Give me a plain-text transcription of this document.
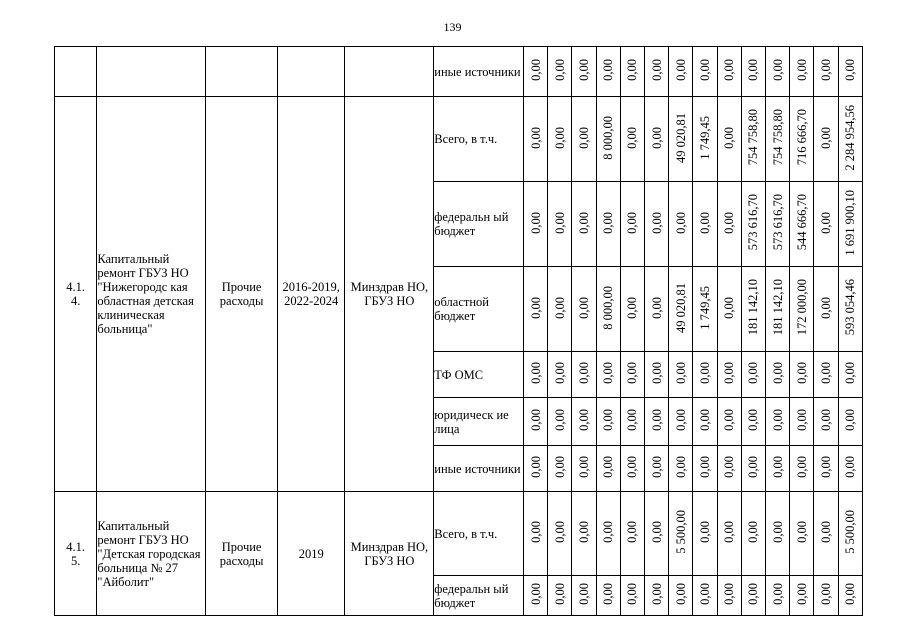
139
					иные источники	0,00	0,00	0,00	0,00	0,00	0,00	0,00	0,00	0,00	0,00	0,00	0,00	0,00	0,00

4.1.
4.	Капитальный ремонт ГБУЗ НО "Нижегородс кая областная детская клиническая больница"	Прочие расходы	2016-2019, 2022-2024	Минздрав НО, ГБУЗ НО	Всего, в т.ч.	0,00	0,00	0,00	8 000,00	0,00	0,00	49 020,81	1 749,45	0,00	754 758,80	754 758,80	716 666,70	0,00	2 284 954,56
					федеральн ый бюджет	0,00	0,00	0,00	0,00	0,00	0,00	0,00	0,00	0,00	573 616,70	573 616,70	544 666,70	0,00	1 691 900,10
					областной бюджет	0,00	0,00	0,00	8 000,00	0,00	0,00	49 020,81	1 749,45	0,00	181 142,10	181 142,10	172 000,00	0,00	593 054,46
					ТФ ОМС	0,00	0,00	0,00	0,00	0,00	0,00	0,00	0,00	0,00	0,00	0,00	0,00	0,00	0,00
					юридическ ие лица	0,00	0,00	0,00	0,00	0,00	0,00	0,00	0,00	0,00	0,00	0,00	0,00	0,00	0,00
					иные источники	0,00	0,00	0,00	0,00	0,00	0,00	0,00	0,00	0,00	0,00	0,00	0,00	0,00	0,00

4.1.
5.	Капитальный ремонт ГБУЗ НО "Детская городская больница № 27 "Айболит"	Прочие расходы	2019	Минздрав НО, ГБУЗ НО	Всего, в т.ч.	0,00	0,00	0,00	0,00	0,00	0,00	5 500,00	0,00	0,00	0,00	0,00	0,00	0,00	5 500,00
					федеральн ый бюджет	0,00	0,00	0,00	0,00	0,00	0,00	0,00	0,00	0,00	0,00	0,00	0,00	0,00	0,00
